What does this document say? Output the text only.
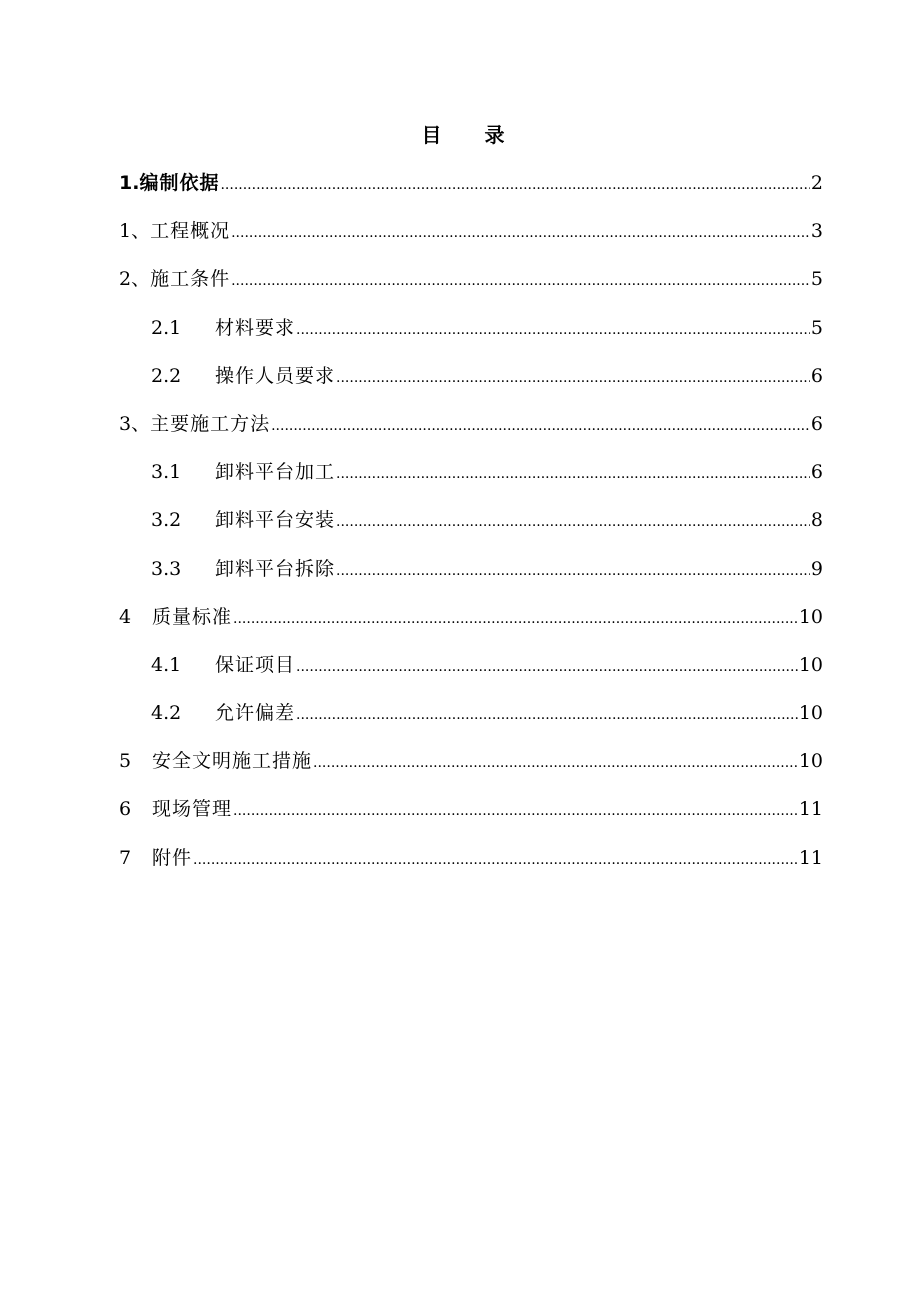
目 录
1. 编制依据 .....	2
1、 工程概况 .....	3
2、 施工条件 .....	5
2.1	材料要求 .....	5
2.2	操作人员要求 .....	6
3、 主要施工方法 .....	6
3.1	卸料平台加工 .....	6
3.2	卸料平台安装 .....	8
3.3	卸料平台拆除 .....	9
4	质量标准 .....	10
4.1	保证项目 .....	10
4.2	允许偏差 .....	10
5	安全文明施工措施 .....	10
6	现场管理 .....	11
7	附件 .....	11
